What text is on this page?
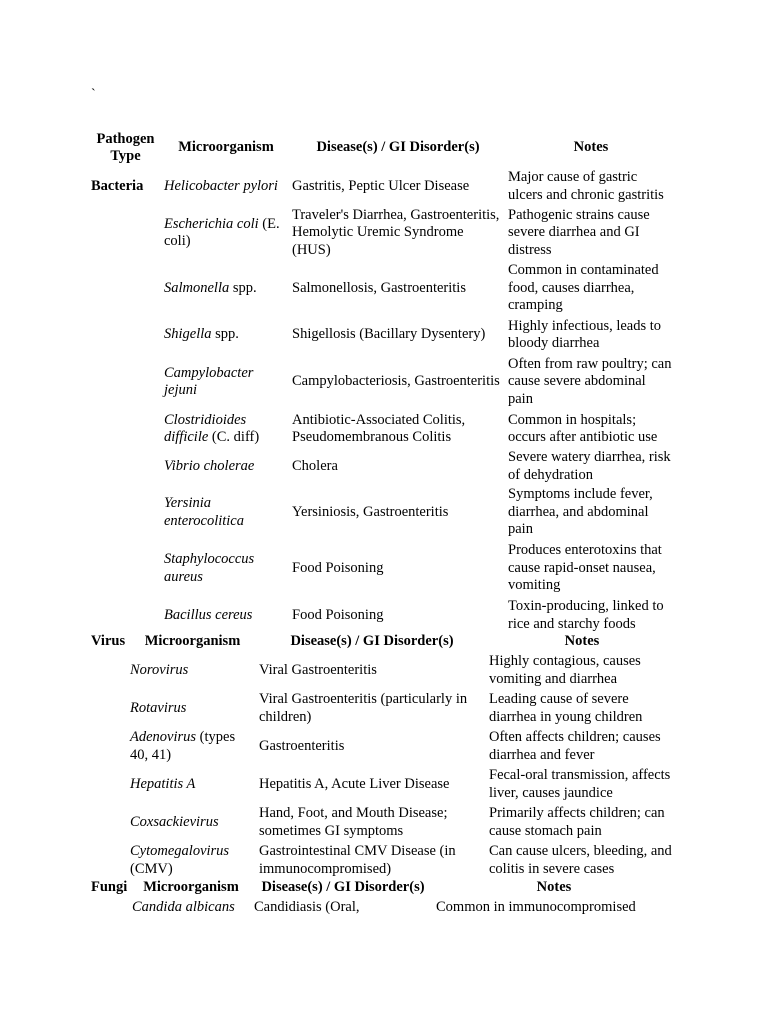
`
Pathogen Type	Microorganism	Disease(s) / GI Disorder(s)	Notes
Bacteria	Helicobacter pylori	Gastritis, Peptic Ulcer Disease	Major cause of gastric ulcers and chronic gastritis
	Escherichia coli (E. coli)	Traveler's Diarrhea, Gastroenteritis, Hemolytic Uremic Syndrome (HUS)	Pathogenic strains cause severe diarrhea and GI distress
	Salmonella spp.	Salmonellosis, Gastroenteritis	Common in contaminated food, causes diarrhea, cramping
	Shigella spp.	Shigellosis (Bacillary Dysentery)	Highly infectious, leads to bloody diarrhea
	Campylobacter jejuni	Campylobacteriosis, Gastroenteritis	Often from raw poultry; can cause severe abdominal pain
	Clostridioides difficile (C. diff)	Antibiotic-Associated Colitis, Pseudomembranous Colitis	Common in hospitals; occurs after antibiotic use
	Vibrio cholerae	Cholera	Severe watery diarrhea, risk of dehydration
	Yersinia enterocolitica	Yersiniosis, Gastroenteritis	Symptoms include fever, diarrhea, and abdominal pain
	Staphylococcus aureus	Food Poisoning	Produces enterotoxins that cause rapid-onset nausea, vomiting
	Bacillus cereus	Food Poisoning	Toxin-producing, linked to rice and starchy foods
Virus	Microorganism	Disease(s) / GI Disorder(s)	Notes
	Norovirus	Viral Gastroenteritis	Highly contagious, causes vomiting and diarrhea
	Rotavirus	Viral Gastroenteritis (particularly in children)	Leading cause of severe diarrhea in young children
	Adenovirus (types 40, 41)	Gastroenteritis	Often affects children; causes diarrhea and fever
	Hepatitis A	Hepatitis A, Acute Liver Disease	Fecal-oral transmission, affects liver, causes jaundice
	Coxsackievirus	Hand, Foot, and Mouth Disease; sometimes GI symptoms	Primarily affects children; can cause stomach pain
	Cytomegalovirus (CMV)	Gastrointestinal CMV Disease (in immunocompromised)	Can cause ulcers, bleeding, and colitis in severe cases
Fungi	Microorganism	Disease(s) / GI Disorder(s)	Notes
	Candida albicans	Candidiasis (Oral,	Common in immunocompromised
